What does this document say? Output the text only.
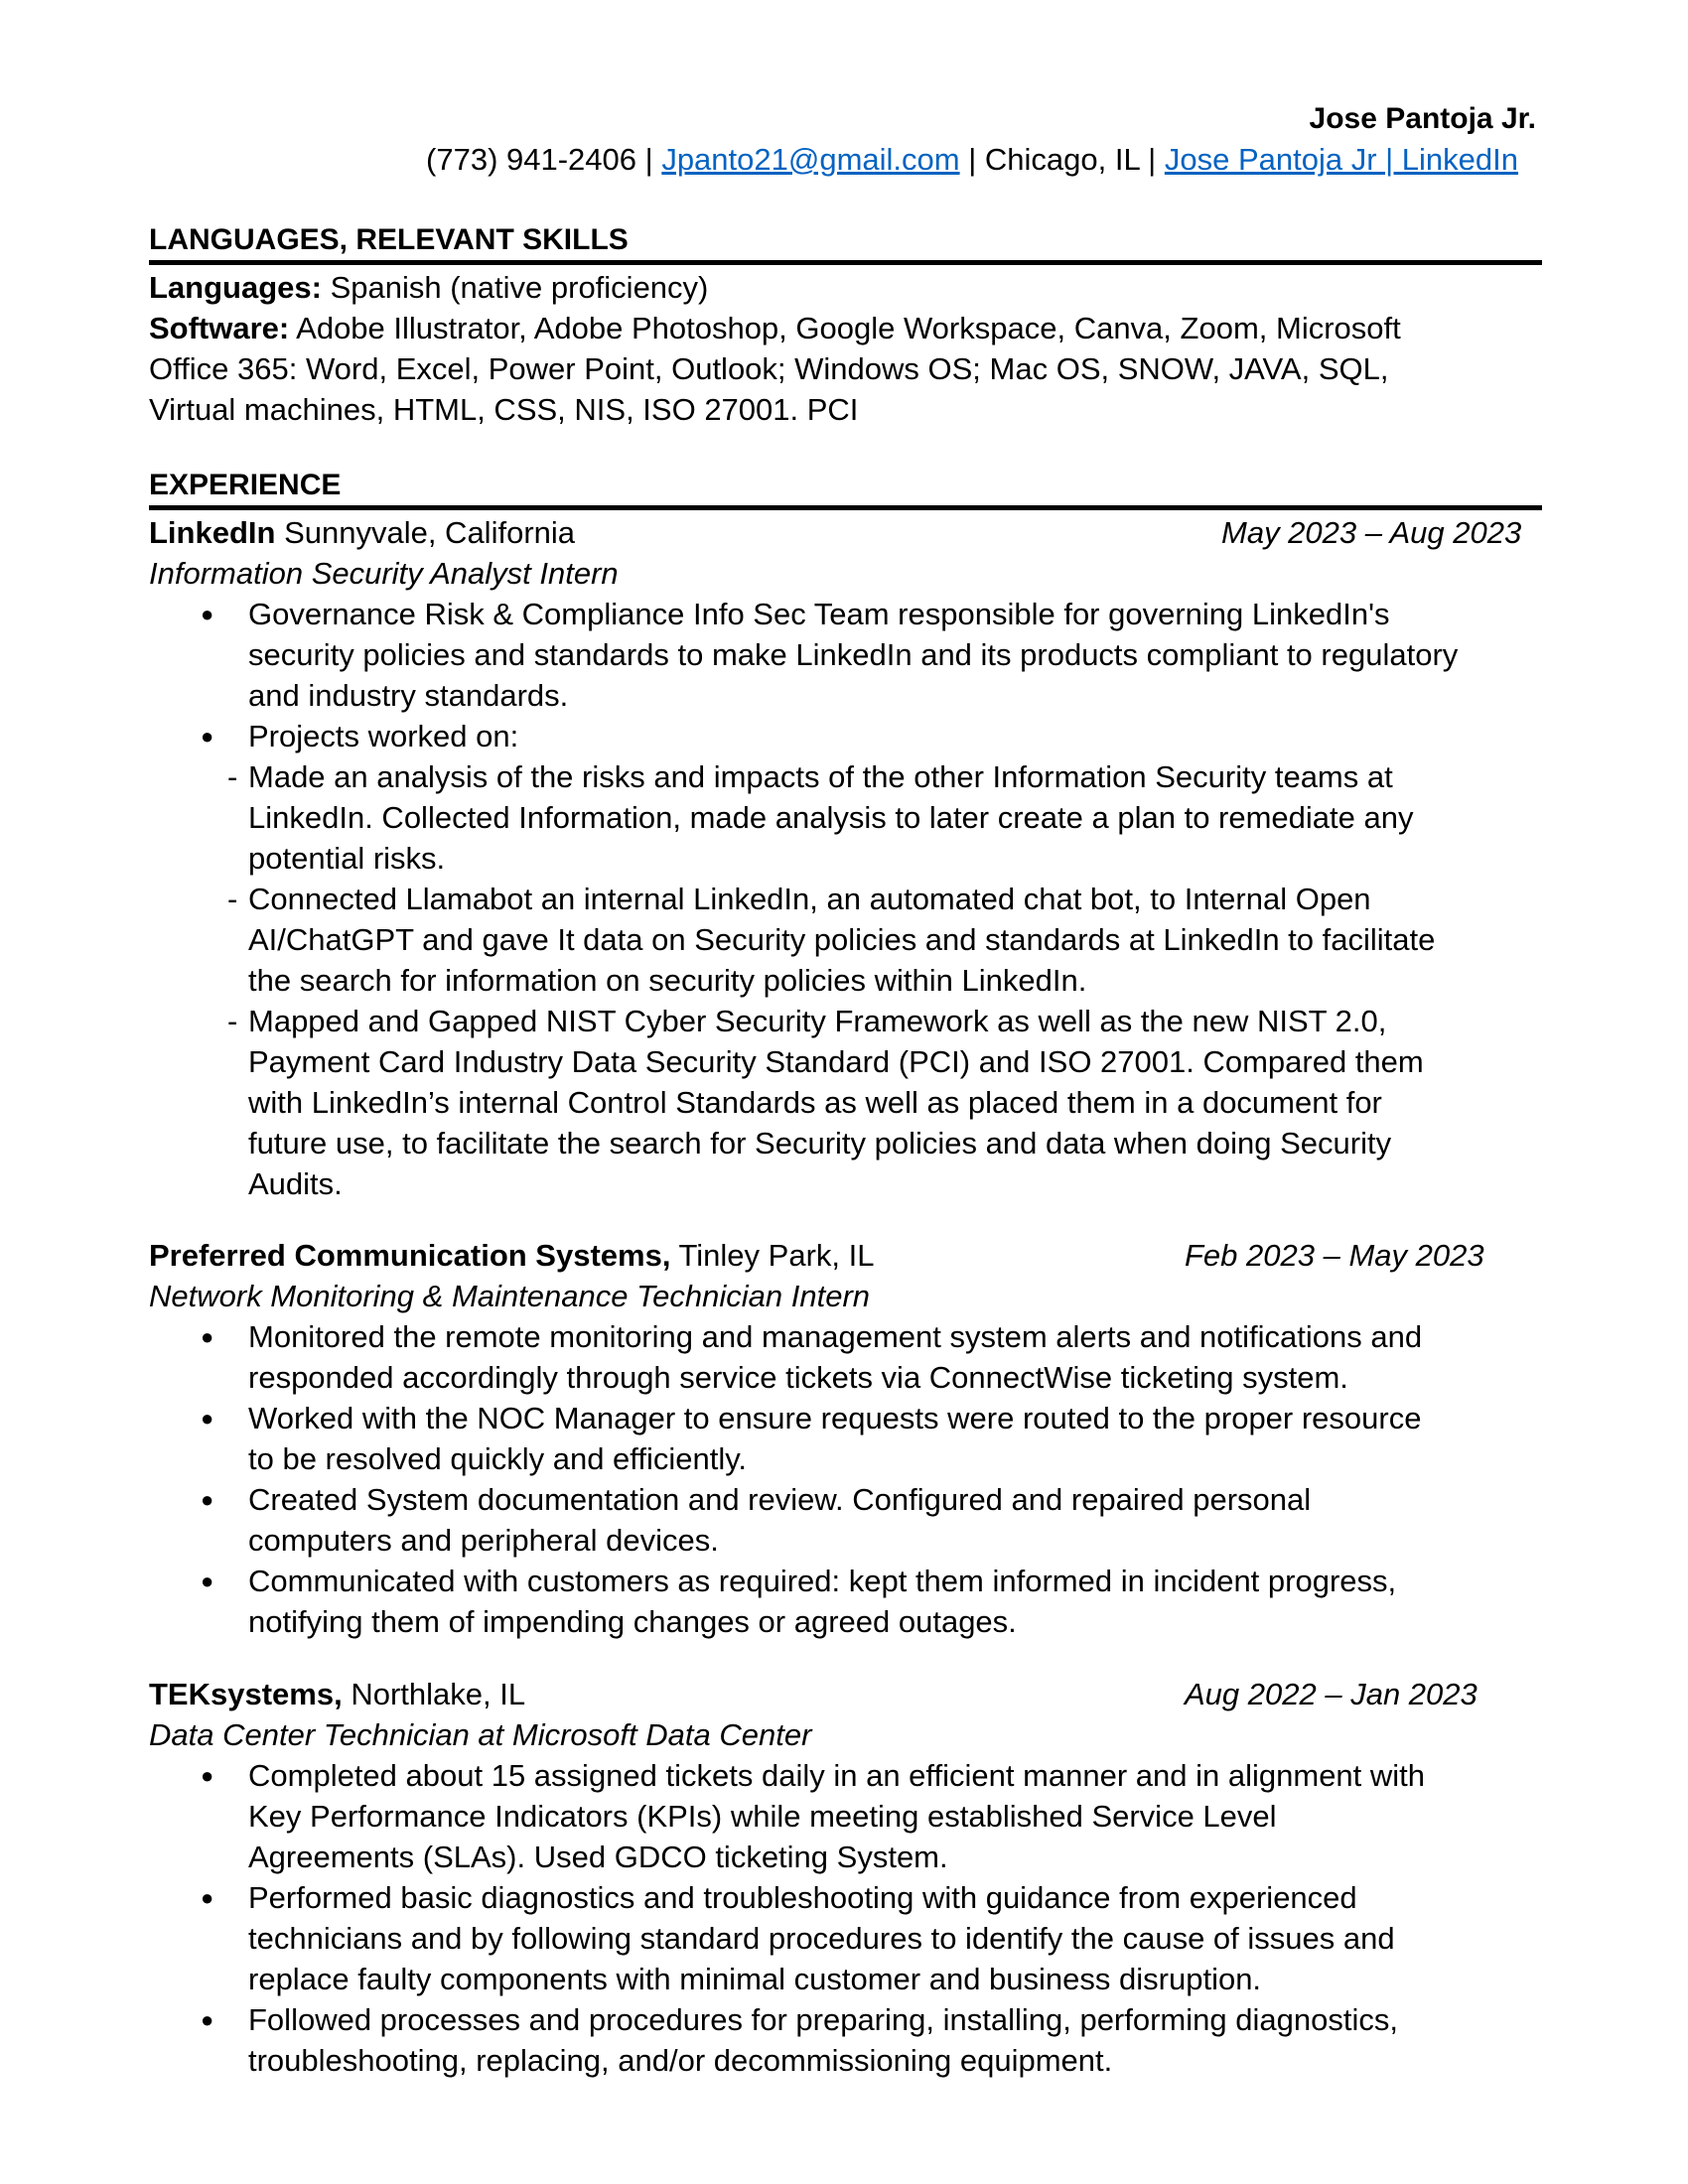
Jose Pantoja Jr.
(773) 941-2406 | Jpanto21@gmail.com | Chicago, IL | Jose Pantoja Jr | LinkedIn
LANGUAGES, RELEVANT SKILLS
Languages: Spanish (native proficiency)
Software: Adobe Illustrator, Adobe Photoshop, Google Workspace, Canva, Zoom, Microsoft
Office 365: Word, Excel, Power Point, Outlook; Windows OS; Mac OS, SNOW, JAVA, SQL,
Virtual machines, HTML, CSS, NIS, ISO 27001. PCI
EXPERIENCE
LinkedIn Sunnyvale, California	May 2023 – Aug 2023
Information Security Analyst Intern
● Governance Risk & Compliance Info Sec Team responsible for governing LinkedIn's
security policies and standards to make LinkedIn and its products compliant to regulatory
and industry standards.
● Projects worked on:
- Made an analysis of the risks and impacts of the other Information Security teams at
LinkedIn. Collected Information, made analysis to later create a plan to remediate any
potential risks.
- Connected Llamabot an internal LinkedIn, an automated chat bot, to Internal Open
AI/ChatGPT and gave It data on Security policies and standards at LinkedIn to facilitate
the search for information on security policies within LinkedIn.
- Mapped and Gapped NIST Cyber Security Framework as well as the new NIST 2.0,
Payment Card Industry Data Security Standard (PCI) and ISO 27001. Compared them
with LinkedIn’s internal Control Standards as well as placed them in a document for
future use, to facilitate the search for Security policies and data when doing Security
Audits.
Preferred Communication Systems, Tinley Park, IL	Feb 2023 – May 2023
Network Monitoring & Maintenance Technician Intern
● Monitored the remote monitoring and management system alerts and notifications and
responded accordingly through service tickets via ConnectWise ticketing system.
● Worked with the NOC Manager to ensure requests were routed to the proper resource
to be resolved quickly and efficiently.
● Created System documentation and review. Configured and repaired personal
computers and peripheral devices.
● Communicated with customers as required: kept them informed in incident progress,
notifying them of impending changes or agreed outages.
TEKsystems, Northlake, IL	Aug 2022 – Jan 2023
Data Center Technician at Microsoft Data Center
● Completed about 15 assigned tickets daily in an efficient manner and in alignment with
Key Performance Indicators (KPIs) while meeting established Service Level
Agreements (SLAs). Used GDCO ticketing System.
● Performed basic diagnostics and troubleshooting with guidance from experienced
technicians and by following standard procedures to identify the cause of issues and
replace faulty components with minimal customer and business disruption.
● Followed processes and procedures for preparing, installing, performing diagnostics,
troubleshooting, replacing, and/or decommissioning equipment.
